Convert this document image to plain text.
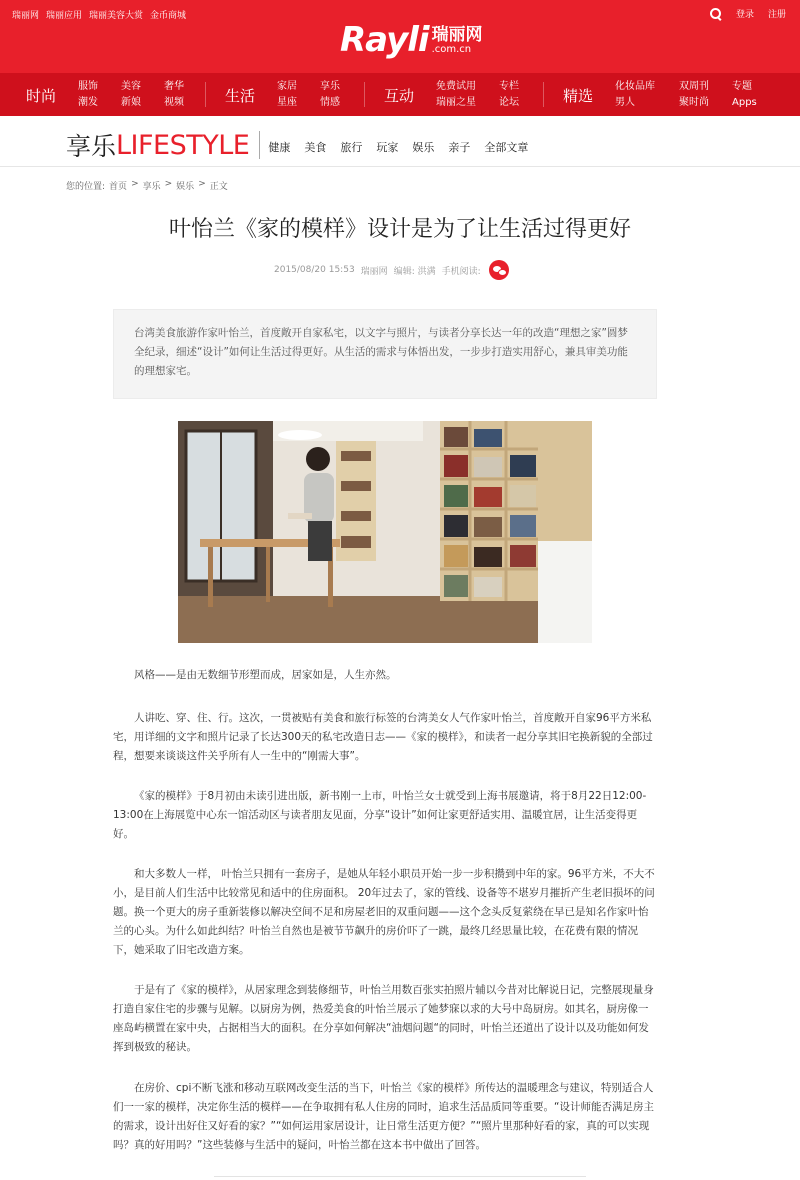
瑞丽网 瑞丽应用 瑞丽美容大赏 金币商城	登录 注册
Rayli 瑞丽网
.com.cn
时尚
服饰
潮发
美容
新娘
奢华
视频	生活
家居
星座
享乐
情感	互动
免费试用
瑞丽之星
专栏
论坛	精选
化妆品库
男人
双周刊
聚时尚
专题
Apps
享乐 LIFESTYLE 健康 美食 旅行 玩家 娱乐 亲子 全部文章
您的位置: 首页 > 享乐 > 娱乐 > 正文
叶怡兰《家的模样》设计是为了让生活过得更好
2015/08/20 15:53 瑞丽网 编辑: 洪满 手机阅读:
台湾美食旅游作家叶怡兰，首度敞开自家私宅，以文字与照片，与读者分享长达一年的改造“理想之家”圆梦全纪录，细述“设计”如何让生活过得更好。从生活的需求与体悟出发，一步步打造实用舒心，兼具审美功能的理想家宅。

风格——是由无数细节形塑而成，居家如是，人生亦然。

人讲吃、穿、住、行。这次，一贯被贴有美食和旅行标签的台湾美女人气作家叶怡兰，首度敞开自家96平方米私宅，用详细的文字和照片记录了长达300天的私宅改造日志——《家的模样》，和读者一起分享其旧宅换新貌的全部过程，想要来谈谈这件关乎所有人一生中的“刚需大事”。

《家的模样》于8月初由未读引进出版，新书刚一上市，叶怡兰女士就受到上海书展邀请，将于8月22日12:00-13:00在上海展览中心东一馆活动区与读者朋友见面，分享“设计”如何让家更舒适实用、温暖宜居，让生活变得更好。

和大多数人一样， 叶怡兰只拥有一套房子，是她从年轻小职员开始一步一步积攒到中年的家。96平方米，不大不小，是目前人们生活中比较常见和适中的住房面积。 20年过去了，家的管线、设备等不堪岁月摧折产生老旧损坏的问题。换一个更大的房子重新装修以解决空间不足和房屋老旧的双重问题——这个念头反复萦绕在早已是知名作家叶怡兰的心头。为什么如此纠结？叶怡兰自然也是被节节飙升的房价吓了一跳，最终几经思量比较，在花费有限的情况下，她采取了旧宅改造方案。

于是有了《家的模样》，从居家理念到装修细节，叶怡兰用数百张实拍照片辅以今昔对比解说日记，完整展现量身打造自家住宅的步骤与见解。以厨房为例，热爱美食的叶怡兰展示了她梦寐以求的大号中岛厨房。如其名，厨房像一座岛屿横置在家中央，占据相当大的面积。在分享如何解决“油烟问题“的同时，叶怡兰还道出了设计以及功能如何发挥到极致的秘诀。

在房价、cpi不断飞涨和移动互联网改变生活的当下，叶怡兰《家的模样》所传达的温暖理念与建议，特别适合人们一一家的模样，决定你生活的模样——在争取拥有私人住房的同时，追求生活品质同等重要。“设计师能否满足房主的需求，设计出好住又好看的家？”“如何运用家居设计，让日常生活更方便？”“照片里那种好看的家，真的可以实现吗？真的好用吗？”这些装修与生活中的疑问，叶怡兰都在这本书中做出了回答。
